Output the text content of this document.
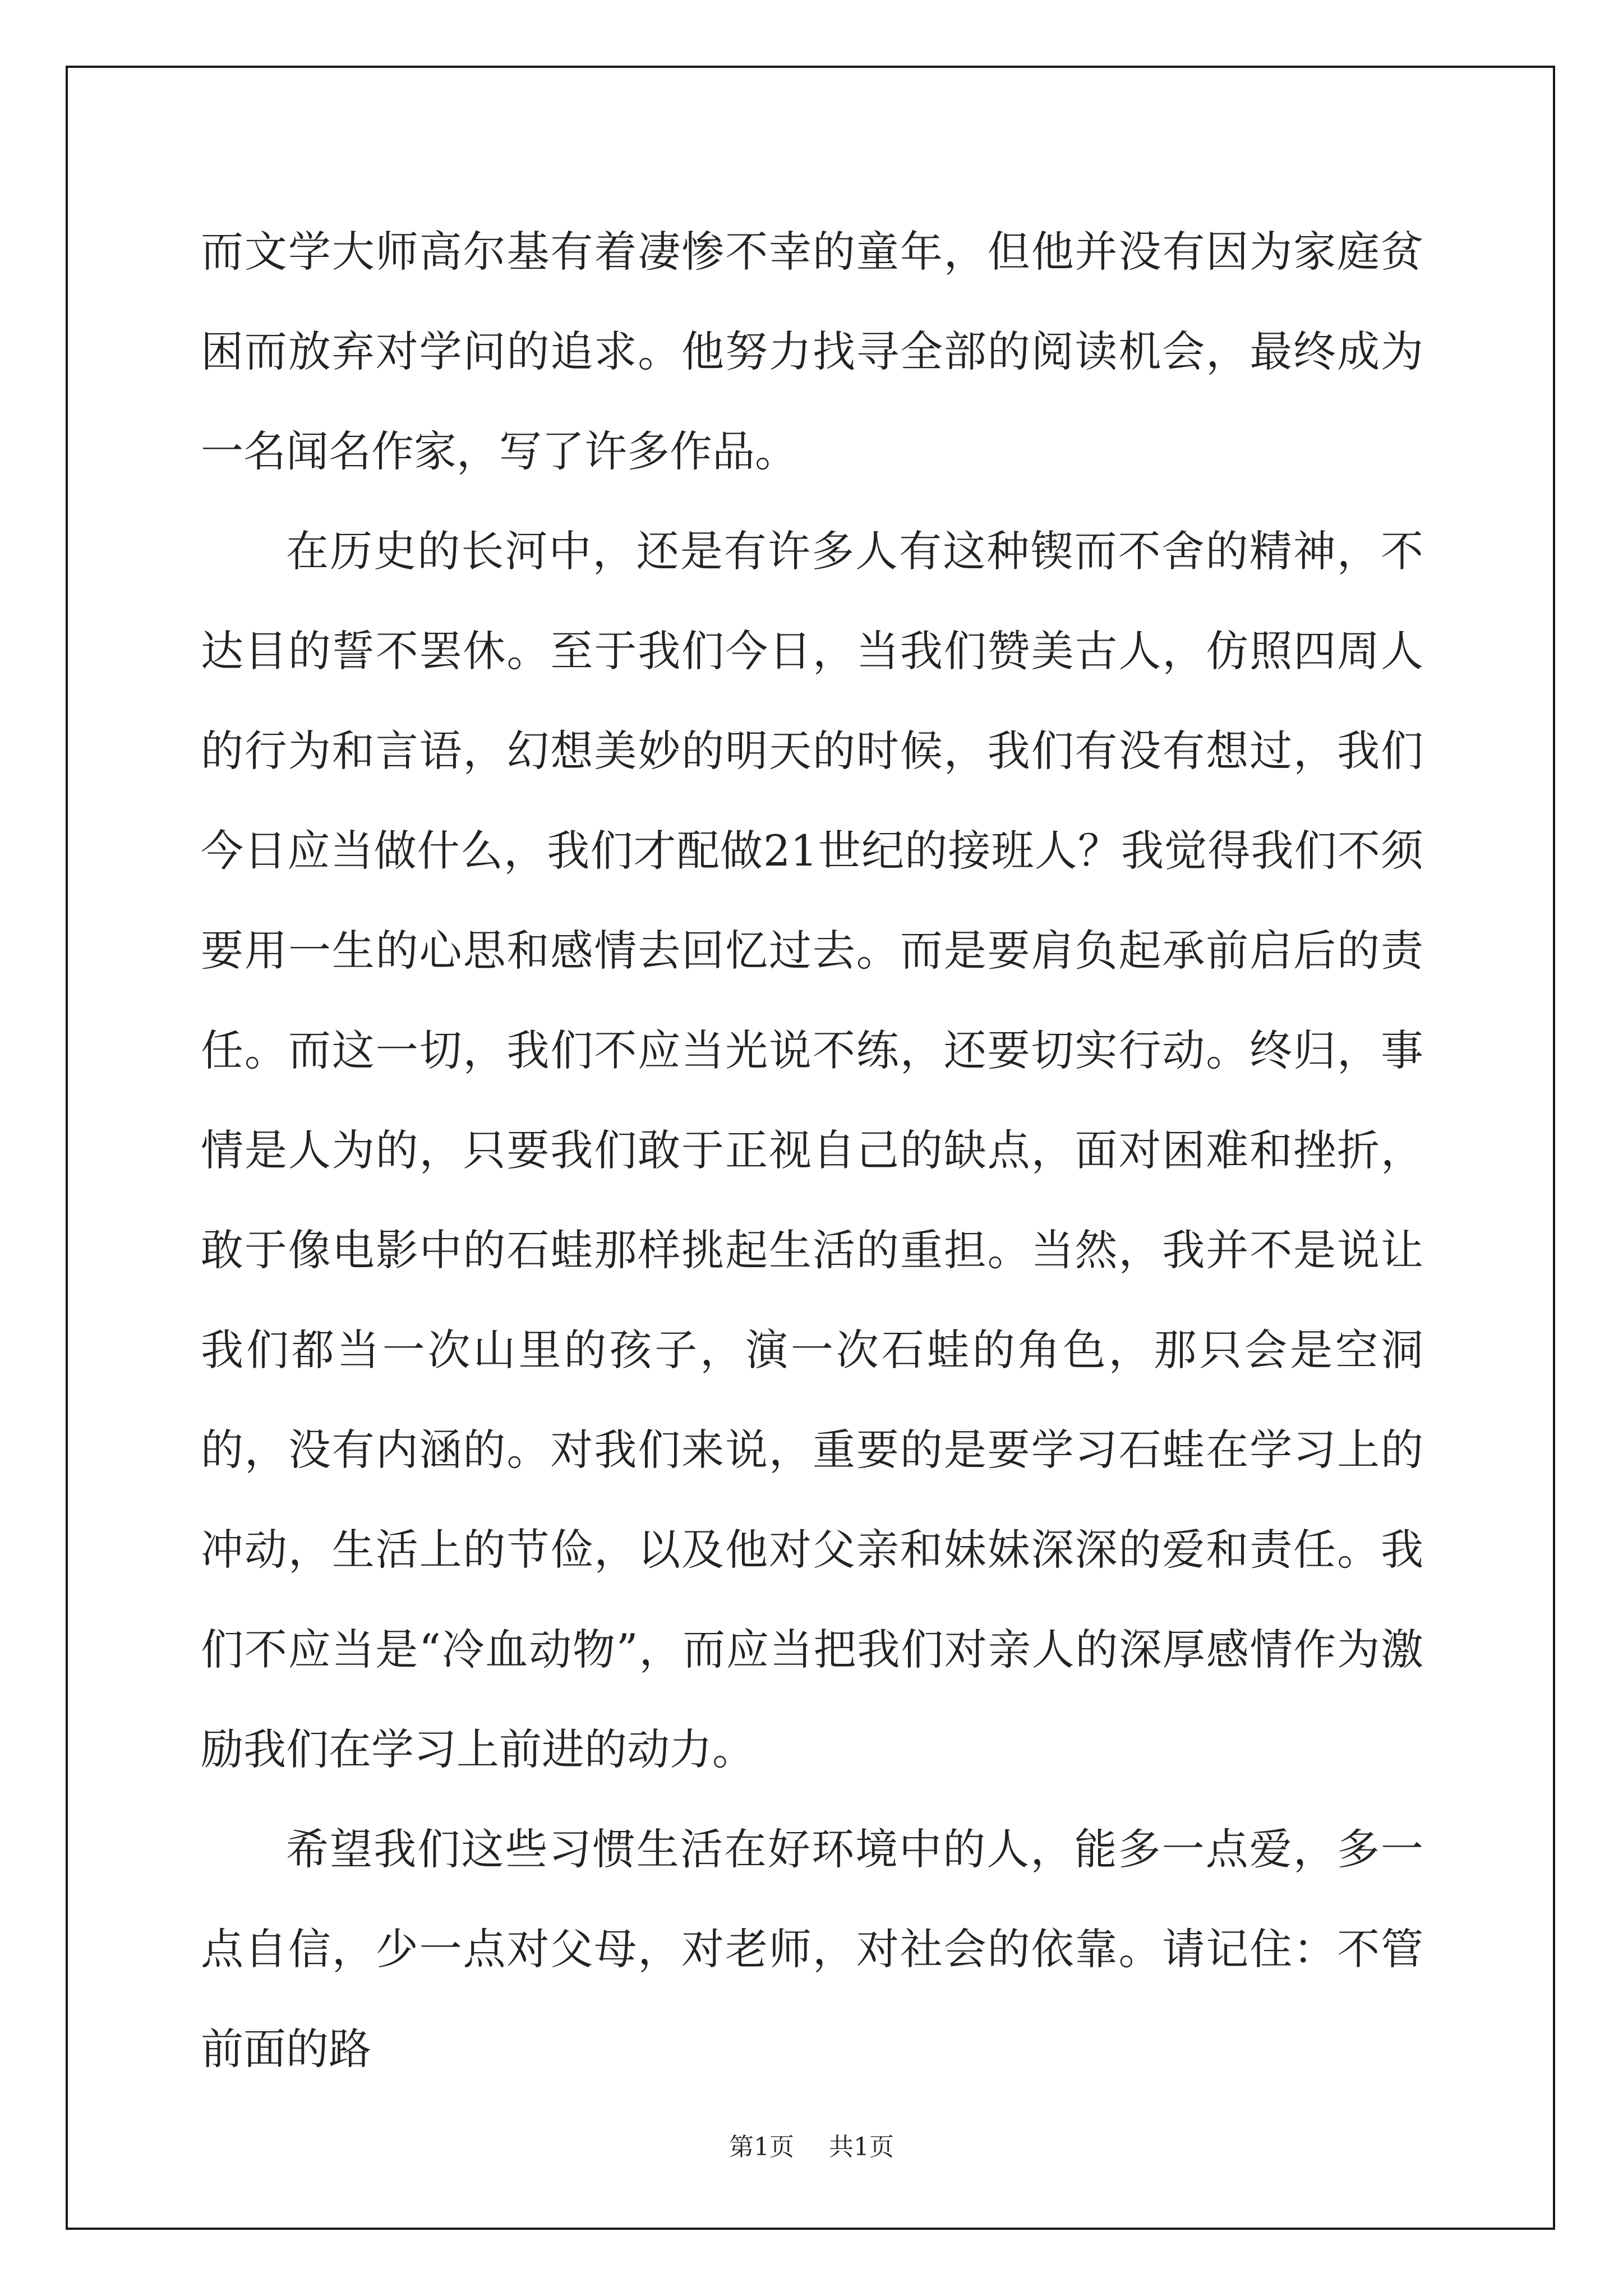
而文学大师高尔基有着凄惨不幸的童年，但他并没有因为家庭贫困而放弃对学问的追求。他努力找寻全部的阅读机会，最终成为一名闻名作家，写了许多作品。

在历史的长河中，还是有许多人有这种锲而不舍的精神，不达目的誓不罢休。至于我们今日，当我们赞美古人，仿照四周人的行为和言语，幻想美妙的明天的时候，我们有没有想过，我们今日应当做什么，我们才配做21世纪的接班人？我觉得我们不须要用一生的心思和感情去回忆过去。而是要肩负起承前启后的责任。而这一切，我们不应当光说不练，还要切实行动。终归，事情是人为的，只要我们敢于正视自己的缺点，面对困难和挫折，敢于像电影中的石蛙那样挑起生活的重担。当然，我并不是说让我们都当一次山里的孩子，演一次石蛙的角色，那只会是空洞的，没有内涵的。对我们来说，重要的是要学习石蛙在学习上的冲动，生活上的节俭，以及他对父亲和妹妹深深的爱和责任。我们不应当是“冷血动物”，而应当把我们对亲人的深厚感情作为激励我们在学习上前进的动力。

希望我们这些习惯生活在好环境中的人，能多一点爱，多一点自信，少一点对父母，对老师，对社会的依靠。请记住：不管前面的路

第1页 共1页
